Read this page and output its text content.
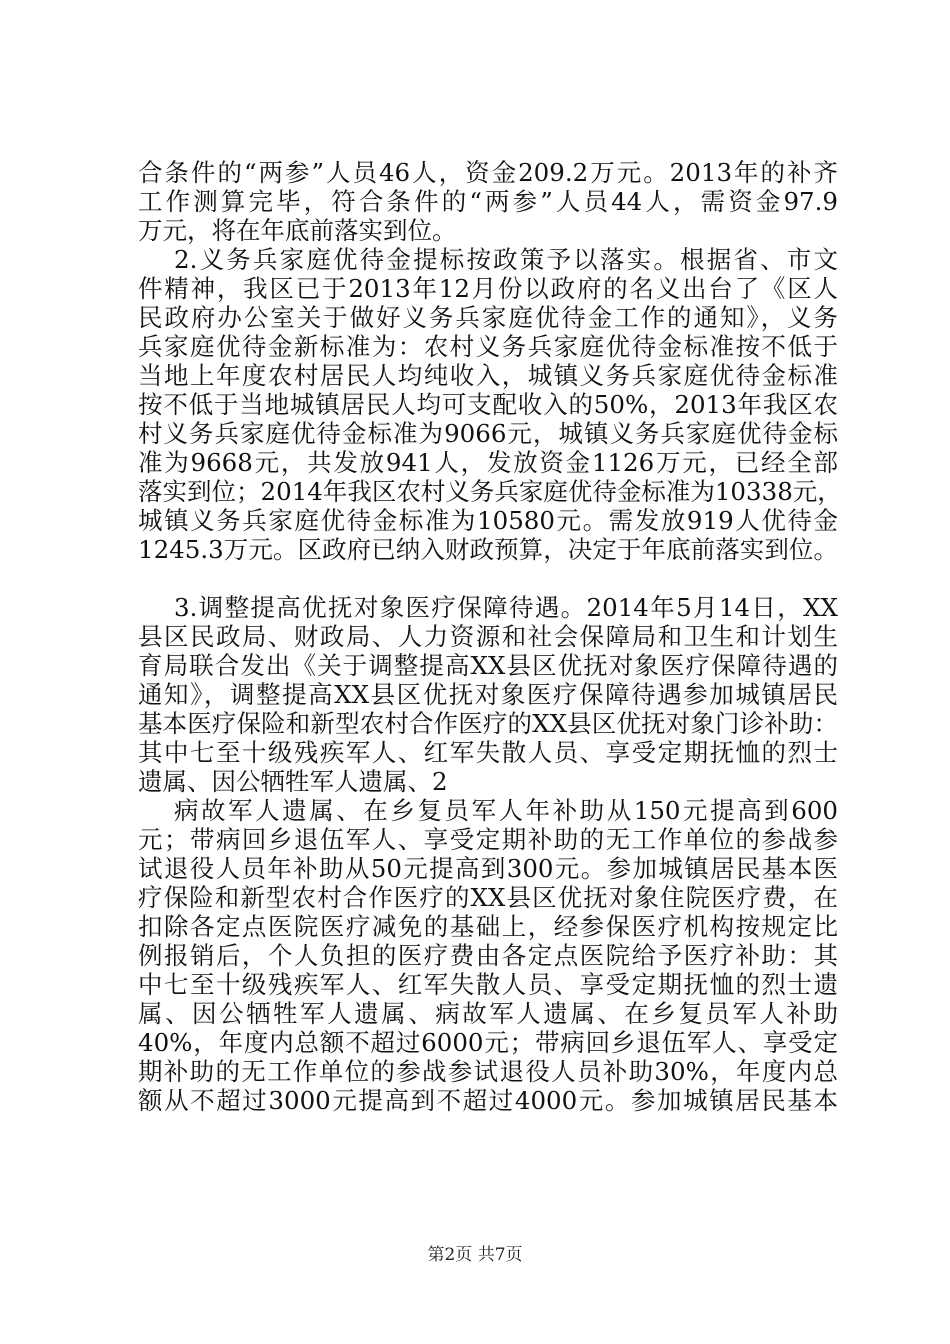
合条件的“两参”人员46人，资金209.2万元。2013年的补齐
工作测算完毕，符合条件的“两参”人员44人，需资金97.9
万元，将在年底前落实到位。
2.义务兵家庭优待金提标按政策予以落实。根据省、市文
件精神，我区已于2013年12月份以政府的名义出台了《区人
民政府办公室关于做好义务兵家庭优待金工作的通知》，义务
兵家庭优待金新标准为：农村义务兵家庭优待金标准按不低于
当地上年度农村居民人均纯收入，城镇义务兵家庭优待金标准
按不低于当地城镇居民人均可支配收入的50%，2013年我区农
村义务兵家庭优待金标准为9066元，城镇义务兵家庭优待金标
准为9668元，共发放941人，发放资金1126万元，已经全部
落实到位；2014年我区农村义务兵家庭优待金标准为10338元，
城镇义务兵家庭优待金标准为10580元。需发放919人优待金
1245.3万元。区政府已纳入财政预算，决定于年底前落实到位。
3.调整提高优抚对象医疗保障待遇。2014年5月14日，XX
县区民政局、财政局、人力资源和社会保障局和卫生和计划生
育局联合发出《关于调整提高XX县区优抚对象医疗保障待遇的
通知》，调整提高XX县区优抚对象医疗保障待遇参加城镇居民
基本医疗保险和新型农村合作医疗的XX县区优抚对象门诊补助：
其中七至十级残疾军人、红军失散人员、享受定期抚恤的烈士
遗属、因公牺牲军人遗属、2
病故军人遗属、在乡复员军人年补助从150元提高到600
元；带病回乡退伍军人、享受定期补助的无工作单位的参战参
试退役人员年补助从50元提高到300元。参加城镇居民基本医
疗保险和新型农村合作医疗的XX县区优抚对象住院医疗费，在
扣除各定点医院医疗减免的基础上，经参保医疗机构按规定比
例报销后，个人负担的医疗费由各定点医院给予医疗补助：其
中七至十级残疾军人、红军失散人员、享受定期抚恤的烈士遗
属、因公牺牲军人遗属、病故军人遗属、在乡复员军人补助
40%，年度内总额不超过6000元；带病回乡退伍军人、享受定
期补助的无工作单位的参战参试退役人员补助30%，年度内总
额从不超过3000元提高到不超过4000元。参加城镇居民基本
第2页 共7页
